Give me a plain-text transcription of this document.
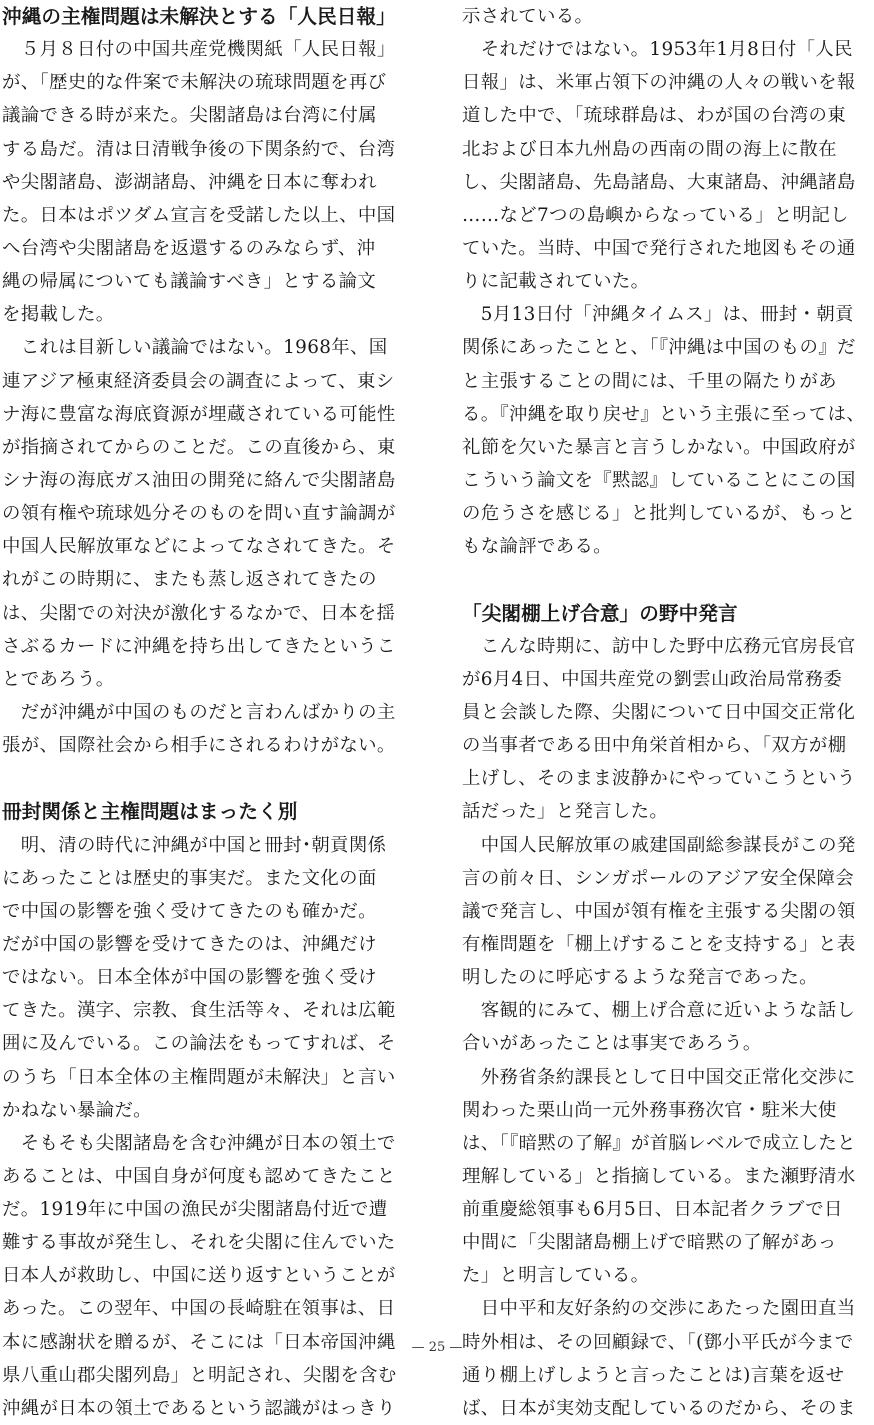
沖縄の主権問題は未解決とする「人民日報」
　５月８日付の中国共産党機関紙「人民日報」
が、「歴史的な件案で未解決の琉球問題を再び
議論できる時が来た。尖閣諸島は台湾に付属
する島だ。清は日清戦争後の下関条約で、台湾
や尖閣諸島、澎湖諸島、沖縄を日本に奪われ
た。日本はポツダム宣言を受諾した以上、中国
へ台湾や尖閣諸島を返還するのみならず、沖
縄の帰属についても議論すべき」とする論文
を掲載した。
　これは目新しい議論ではない。1968年、国
連アジア極東経済委員会の調査によって、東シ
ナ海に豊富な海底資源が埋蔵されている可能性
が指摘されてからのことだ。この直後から、東
シナ海の海底ガス油田の開発に絡んで尖閣諸島
の領有権や琉球処分そのものを問い直す論調が
中国人民解放軍などによってなされてきた。そ
れがこの時期に、またも蒸し返されてきたの
は、尖閣での対決が激化するなかで、日本を揺
さぶるカードに沖縄を持ち出してきたというこ
とであろう。
　だが沖縄が中国のものだと言わんばかりの主
張が、国際社会から相手にされるわけがない。
冊封関係と主権問題はまったく別
　明、清の時代に沖縄が中国と冊封･朝貢関係
にあったことは歴史的事実だ。また文化の面
で中国の影響を強く受けてきたのも確かだ。
だが中国の影響を受けてきたのは、沖縄だけ
ではない。日本全体が中国の影響を強く受け
てきた。漢字、宗教、食生活等々、それは広範
囲に及んでいる。この論法をもってすれば、そ
のうち「日本全体の主権問題が未解決」と言い
かねない暴論だ。
　そもそも尖閣諸島を含む沖縄が日本の領土で
あることは、中国自身が何度も認めてきたこと
だ。1919年に中国の漁民が尖閣諸島付近で遭
難する事故が発生し、それを尖閣に住んでいた
日本人が救助し、中国に送り返すということが
あった。この翌年、中国の長崎駐在領事は、日
本に感謝状を贈るが、そこには「日本帝国沖縄
県八重山郡尖閣列島」と明記され、尖閣を含む
沖縄が日本の領土であるという認識がはっきり
示されている。
　それだけではない。1953年1月8日付「人民
日報」は、米軍占領下の沖縄の人々の戦いを報
道した中で、「琉球群島は、わが国の台湾の東
北および日本九州島の西南の間の海上に散在
し、尖閣諸島、先島諸島、大東諸島、沖縄諸島
……など7つの島嶼からなっている」と明記し
ていた。当時、中国で発行された地図もその通
りに記載されていた。
　5月13日付「沖縄タイムス」は、冊封・朝貢
関係にあったことと、「『沖縄は中国のもの』だ
と主張することの間には、千里の隔たりがあ
る。『沖縄を取り戻せ』という主張に至っては、
礼節を欠いた暴言と言うしかない。中国政府が
こういう論文を『黙認』していることにこの国
の危うさを感じる」と批判しているが、もっと
もな論評である。
「尖閣棚上げ合意」の野中発言
　こんな時期に、訪中した野中広務元官房長官
が6月4日、中国共産党の劉雲山政治局常務委
員と会談した際、尖閣について日中国交正常化
の当事者である田中角栄首相から、「双方が棚
上げし、そのまま波静かにやっていこうという
話だった」と発言した。
　中国人民解放軍の戚建国副総参謀長がこの発
言の前々日、シンガポールのアジア安全保障会
議で発言し、中国が領有権を主張する尖閣の領
有権問題を「棚上げすることを支持する」と表
明したのに呼応するような発言であった。
　客観的にみて、棚上げ合意に近いような話し
合いがあったことは事実であろう。
　外務省条約課長として日中国交正常化交渉に
関わった栗山尚一元外務事務次官・駐米大使
は、「『暗黙の了解』が首脳レベルで成立したと
理解している」と指摘している。また瀬野清水
前重慶総領事も6月5日、日本記者クラブで日
中間に「尖閣諸島棚上げで暗黙の了解があっ
た」と明言している。
　日中平和友好条約の交渉にあたった園田直当
時外相は、その回顧録で、「(鄧小平氏が今まで
通り棚上げしようと言ったことは)言葉を返せ
ば、日本が実効支配しているのだから、そのま
— 25 —
